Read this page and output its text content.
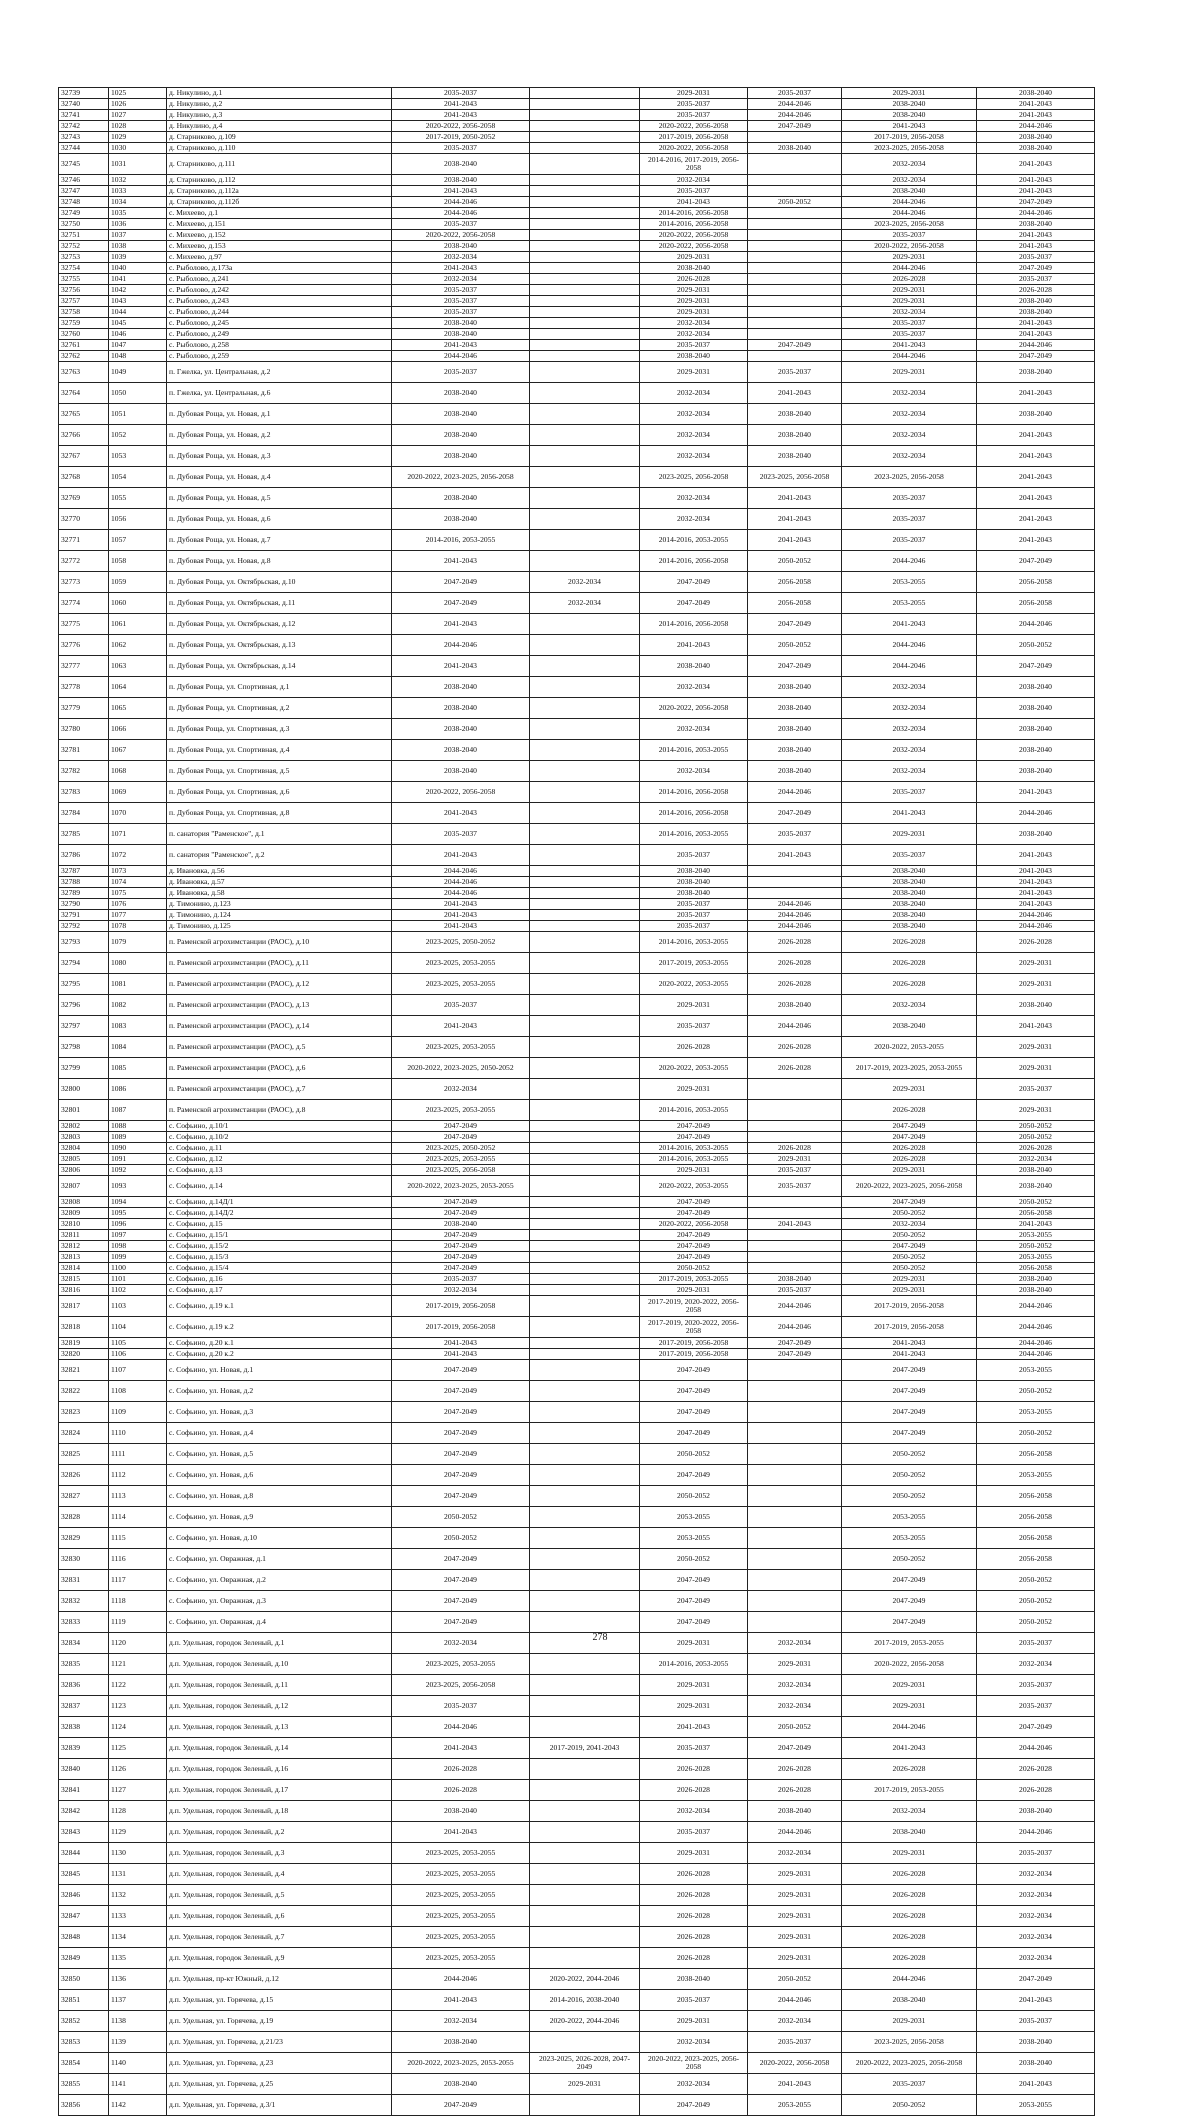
32739	1025	д. Никулино, д.1	2035-2037		2029-2031	2035-2037	2029-2031	2038-2040
32740	1026	д. Никулино, д.2	2041-2043		2035-2037	2044-2046	2038-2040	2041-2043
32741	1027	д. Никулино, д.3	2041-2043		2035-2037	2044-2046	2038-2040	2041-2043
32742	1028	д. Никулино, д.4	2020-2022, 2056-2058		2020-2022, 2056-2058	2047-2049	2041-2043	2044-2046
32743	1029	д. Старниково, д.109	2017-2019, 2050-2052		2017-2019, 2056-2058		2017-2019, 2056-2058	2038-2040
32744	1030	д. Старниково, д.110	2035-2037		2020-2022, 2056-2058	2038-2040	2023-2025, 2056-2058	2038-2040
32745	1031	д. Старниково, д.111	2038-2040		2014-2016, 2017-2019, 2056-2058		2032-2034	2041-2043
32746	1032	д. Старниково, д.112	2038-2040		2032-2034		2032-2034	2041-2043
32747	1033	д. Старниково, д.112а	2041-2043		2035-2037		2038-2040	2041-2043
32748	1034	д. Старниково, д.112б	2044-2046		2041-2043	2050-2052	2044-2046	2047-2049
32749	1035	с. Михеево, д.1	2044-2046		2014-2016, 2056-2058		2044-2046	2044-2046
32750	1036	с. Михеево, д.151	2035-2037		2014-2016, 2056-2058		2023-2025, 2056-2058	2038-2040
32751	1037	с. Михеево, д.152	2020-2022, 2056-2058		2020-2022, 2056-2058		2035-2037	2041-2043
32752	1038	с. Михеево, д.153	2038-2040		2020-2022, 2056-2058		2020-2022, 2056-2058	2041-2043
32753	1039	с. Михеево, д.97	2032-2034		2029-2031		2029-2031	2035-2037
32754	1040	с. Рыболово, д.173а	2041-2043		2038-2040		2044-2046	2047-2049
32755	1041	с. Рыболово, д.241	2032-2034		2026-2028		2026-2028	2035-2037
32756	1042	с. Рыболово, д.242	2035-2037		2029-2031		2029-2031	2026-2028
32757	1043	с. Рыболово, д.243	2035-2037		2029-2031		2029-2031	2038-2040
32758	1044	с. Рыболово, д.244	2035-2037		2029-2031		2032-2034	2038-2040
32759	1045	с. Рыболово, д.245	2038-2040		2032-2034		2035-2037	2041-2043
32760	1046	с. Рыболово, д.249	2038-2040		2032-2034		2035-2037	2041-2043
32761	1047	с. Рыболово, д.258	2041-2043		2035-2037	2047-2049	2041-2043	2044-2046
32762	1048	с. Рыболово, д.259	2044-2046		2038-2040		2044-2046	2047-2049
32763	1049	п. Гжелка, ул. Центральная, д.2	2035-2037		2029-2031	2035-2037	2029-2031	2038-2040
32764	1050	п. Гжелка, ул. Центральная, д.6	2038-2040		2032-2034	2041-2043	2032-2034	2041-2043
32765	1051	п. Дубовая Роща, ул. Новая, д.1	2038-2040		2032-2034	2038-2040	2032-2034	2038-2040
32766	1052	п. Дубовая Роща, ул. Новая, д.2	2038-2040		2032-2034	2038-2040	2032-2034	2041-2043
32767	1053	п. Дубовая Роща, ул. Новая, д.3	2038-2040		2032-2034	2038-2040	2032-2034	2041-2043
32768	1054	п. Дубовая Роща, ул. Новая, д.4	2020-2022, 2023-2025, 2056-2058		2023-2025, 2056-2058	2023-2025, 2056-2058	2023-2025, 2056-2058	2041-2043
32769	1055	п. Дубовая Роща, ул. Новая, д.5	2038-2040		2032-2034	2041-2043	2035-2037	2041-2043
32770	1056	п. Дубовая Роща, ул. Новая, д.6	2038-2040		2032-2034	2041-2043	2035-2037	2041-2043
32771	1057	п. Дубовая Роща, ул. Новая, д.7	2014-2016, 2053-2055		2014-2016, 2053-2055	2041-2043	2035-2037	2041-2043
32772	1058	п. Дубовая Роща, ул. Новая, д.8	2041-2043		2014-2016, 2056-2058	2050-2052	2044-2046	2047-2049
32773	1059	п. Дубовая Роща, ул. Октябрьская, д.10	2047-2049	2032-2034	2047-2049	2056-2058	2053-2055	2056-2058
32774	1060	п. Дубовая Роща, ул. Октябрьская, д.11	2047-2049	2032-2034	2047-2049	2056-2058	2053-2055	2056-2058
32775	1061	п. Дубовая Роща, ул. Октябрьская, д.12	2041-2043		2014-2016, 2056-2058	2047-2049	2041-2043	2044-2046
32776	1062	п. Дубовая Роща, ул. Октябрьская, д.13	2044-2046		2041-2043	2050-2052	2044-2046	2050-2052
32777	1063	п. Дубовая Роща, ул. Октябрьская, д.14	2041-2043		2038-2040	2047-2049	2044-2046	2047-2049
32778	1064	п. Дубовая Роща, ул. Спортивная, д.1	2038-2040		2032-2034	2038-2040	2032-2034	2038-2040
32779	1065	п. Дубовая Роща, ул. Спортивная, д.2	2038-2040		2020-2022, 2056-2058	2038-2040	2032-2034	2038-2040
32780	1066	п. Дубовая Роща, ул. Спортивная, д.3	2038-2040		2032-2034	2038-2040	2032-2034	2038-2040
32781	1067	п. Дубовая Роща, ул. Спортивная, д.4	2038-2040		2014-2016, 2053-2055	2038-2040	2032-2034	2038-2040
32782	1068	п. Дубовая Роща, ул. Спортивная, д.5	2038-2040		2032-2034	2038-2040	2032-2034	2038-2040
32783	1069	п. Дубовая Роща, ул. Спортивная, д.6	2020-2022, 2056-2058		2014-2016, 2056-2058	2044-2046	2035-2037	2041-2043
32784	1070	п. Дубовая Роща, ул. Спортивная, д.8	2041-2043		2014-2016, 2056-2058	2047-2049	2041-2043	2044-2046
32785	1071	п. санатория "Раменское", д.1	2035-2037		2014-2016, 2053-2055	2035-2037	2029-2031	2038-2040
32786	1072	п. санатория "Раменское", д.2	2041-2043		2035-2037	2041-2043	2035-2037	2041-2043
32787	1073	д. Ивановка, д.56	2044-2046		2038-2040		2038-2040	2041-2043
32788	1074	д. Ивановка, д.57	2044-2046		2038-2040		2038-2040	2041-2043
32789	1075	д. Ивановка, д.58	2044-2046		2038-2040		2038-2040	2041-2043
32790	1076	д. Тимонино, д.123	2041-2043		2035-2037	2044-2046	2038-2040	2041-2043
32791	1077	д. Тимонино, д.124	2041-2043		2035-2037	2044-2046	2038-2040	2044-2046
32792	1078	д. Тимонино, д.125	2041-2043		2035-2037	2044-2046	2038-2040	2044-2046
32793	1079	п. Раменской агрохимстанции (РАОС), д.10	2023-2025, 2050-2052		2014-2016, 2053-2055	2026-2028	2026-2028	2026-2028
32794	1080	п. Раменской агрохимстанции (РАОС), д.11	2023-2025, 2053-2055		2017-2019, 2053-2055	2026-2028	2026-2028	2029-2031
32795	1081	п. Раменской агрохимстанции (РАОС), д.12	2023-2025, 2053-2055		2020-2022, 2053-2055	2026-2028	2026-2028	2029-2031
32796	1082	п. Раменской агрохимстанции (РАОС), д.13	2035-2037		2029-2031	2038-2040	2032-2034	2038-2040
32797	1083	п. Раменской агрохимстанции (РАОС), д.14	2041-2043		2035-2037	2044-2046	2038-2040	2041-2043
32798	1084	п. Раменской агрохимстанции (РАОС), д.5	2023-2025, 2053-2055		2026-2028	2026-2028	2020-2022, 2053-2055	2029-2031
32799	1085	п. Раменской агрохимстанции (РАОС), д.6	2020-2022, 2023-2025, 2050-2052		2020-2022, 2053-2055	2026-2028	2017-2019, 2023-2025, 2053-2055	2029-2031
32800	1086	п. Раменской агрохимстанции (РАОС), д.7	2032-2034		2029-2031		2029-2031	2035-2037
32801	1087	п. Раменской агрохимстанции (РАОС), д.8	2023-2025, 2053-2055		2014-2016, 2053-2055		2026-2028	2029-2031
32802	1088	с. Софьино, д.10/1	2047-2049		2047-2049		2047-2049	2050-2052
32803	1089	с. Софьино, д.10/2	2047-2049		2047-2049		2047-2049	2050-2052
32804	1090	с. Софьино, д.11	2023-2025, 2050-2052		2014-2016, 2053-2055	2026-2028	2026-2028	2026-2028
32805	1091	с. Софьино, д.12	2023-2025, 2053-2055		2014-2016, 2053-2055	2029-2031	2026-2028	2032-2034
32806	1092	с. Софьино, д.13	2023-2025, 2056-2058		2029-2031	2035-2037	2029-2031	2038-2040
32807	1093	с. Софьино, д.14	2020-2022, 2023-2025, 2053-2055		2020-2022, 2053-2055	2035-2037	2020-2022, 2023-2025, 2056-2058	2038-2040
32808	1094	с. Софьино, д.14Д/1	2047-2049		2047-2049		2047-2049	2050-2052
32809	1095	с. Софьино, д.14Д/2	2047-2049		2047-2049		2050-2052	2056-2058
32810	1096	с. Софьино, д.15	2038-2040		2020-2022, 2056-2058	2041-2043	2032-2034	2041-2043
32811	1097	с. Софьино, д.15/1	2047-2049		2047-2049		2050-2052	2053-2055
32812	1098	с. Софьино, д.15/2	2047-2049		2047-2049		2047-2049	2050-2052
32813	1099	с. Софьино, д.15/3	2047-2049		2047-2049		2050-2052	2053-2055
32814	1100	с. Софьино, д.15/4	2047-2049		2050-2052		2050-2052	2056-2058
32815	1101	с. Софьино, д.16	2035-2037		2017-2019, 2053-2055	2038-2040	2029-2031	2038-2040
32816	1102	с. Софьино, д.17	2032-2034		2029-2031	2035-2037	2029-2031	2038-2040
32817	1103	с. Софьино, д.19 к.1	2017-2019, 2056-2058		2017-2019, 2020-2022, 2056-2058	2044-2046	2017-2019, 2056-2058	2044-2046
32818	1104	с. Софьино, д.19 к.2	2017-2019, 2056-2058		2017-2019, 2020-2022, 2056-2058	2044-2046	2017-2019, 2056-2058	2044-2046
32819	1105	с. Софьино, д.20 к.1	2041-2043		2017-2019, 2056-2058	2047-2049	2041-2043	2044-2046
32820	1106	с. Софьино, д.20 к.2	2041-2043		2017-2019, 2056-2058	2047-2049	2041-2043	2044-2046
32821	1107	с. Софьино, ул. Новая, д.1	2047-2049		2047-2049		2047-2049	2053-2055
32822	1108	с. Софьино, ул. Новая, д.2	2047-2049		2047-2049		2047-2049	2050-2052
32823	1109	с. Софьино, ул. Новая, д.3	2047-2049		2047-2049		2047-2049	2053-2055
32824	1110	с. Софьино, ул. Новая, д.4	2047-2049		2047-2049		2047-2049	2050-2052
32825	1111	с. Софьино, ул. Новая, д.5	2047-2049		2050-2052		2050-2052	2056-2058
32826	1112	с. Софьино, ул. Новая, д.6	2047-2049		2047-2049		2050-2052	2053-2055
32827	1113	с. Софьино, ул. Новая, д.8	2047-2049		2050-2052		2050-2052	2056-2058
32828	1114	с. Софьино, ул. Новая, д.9	2050-2052		2053-2055		2053-2055	2056-2058
32829	1115	с. Софьино, ул. Новая, д.10	2050-2052		2053-2055		2053-2055	2056-2058
32830	1116	с. Софьино, ул. Овражная, д.1	2047-2049		2050-2052		2050-2052	2056-2058
32831	1117	с. Софьино, ул. Овражная, д.2	2047-2049		2047-2049		2047-2049	2050-2052
32832	1118	с. Софьино, ул. Овражная, д.3	2047-2049		2047-2049		2047-2049	2050-2052
32833	1119	с. Софьино, ул. Овражная, д.4	2047-2049		2047-2049		2047-2049	2050-2052
32834	1120	д.п. Удельная, городок Зеленый, д.1	2032-2034		2029-2031	2032-2034	2017-2019, 2053-2055	2035-2037
32835	1121	д.п. Удельная, городок Зеленый, д.10	2023-2025, 2053-2055		2014-2016, 2053-2055	2029-2031	2020-2022, 2056-2058	2032-2034
32836	1122	д.п. Удельная, городок Зеленый, д.11	2023-2025, 2056-2058		2029-2031	2032-2034	2029-2031	2035-2037
32837	1123	д.п. Удельная, городок Зеленый, д.12	2035-2037		2029-2031	2032-2034	2029-2031	2035-2037
32838	1124	д.п. Удельная, городок Зеленый, д.13	2044-2046		2041-2043	2050-2052	2044-2046	2047-2049
32839	1125	д.п. Удельная, городок Зеленый, д.14	2041-2043	2017-2019, 2041-2043	2035-2037	2047-2049	2041-2043	2044-2046
32840	1126	д.п. Удельная, городок Зеленый, д.16	2026-2028		2026-2028	2026-2028	2026-2028	2026-2028
32841	1127	д.п. Удельная, городок Зеленый, д.17	2026-2028		2026-2028	2026-2028	2017-2019, 2053-2055	2026-2028
32842	1128	д.п. Удельная, городок Зеленый, д.18	2038-2040		2032-2034	2038-2040	2032-2034	2038-2040
32843	1129	д.п. Удельная, городок Зеленый, д.2	2041-2043		2035-2037	2044-2046	2038-2040	2044-2046
32844	1130	д.п. Удельная, городок Зеленый, д.3	2023-2025, 2053-2055		2029-2031	2032-2034	2029-2031	2035-2037
32845	1131	д.п. Удельная, городок Зеленый, д.4	2023-2025, 2053-2055		2026-2028	2029-2031	2026-2028	2032-2034
32846	1132	д.п. Удельная, городок Зеленый, д.5	2023-2025, 2053-2055		2026-2028	2029-2031	2026-2028	2032-2034
32847	1133	д.п. Удельная, городок Зеленый, д.6	2023-2025, 2053-2055		2026-2028	2029-2031	2026-2028	2032-2034
32848	1134	д.п. Удельная, городок Зеленый, д.7	2023-2025, 2053-2055		2026-2028	2029-2031	2026-2028	2032-2034
32849	1135	д.п. Удельная, городок Зеленый, д.9	2023-2025, 2053-2055		2026-2028	2029-2031	2026-2028	2032-2034
32850	1136	д.п. Удельная, пр-кт Южный, д.12	2044-2046	2020-2022, 2044-2046	2038-2040	2050-2052	2044-2046	2047-2049
32851	1137	д.п. Удельная, ул. Горячева, д.15	2041-2043	2014-2016, 2038-2040	2035-2037	2044-2046	2038-2040	2041-2043
32852	1138	д.п. Удельная, ул. Горячева, д.19	2032-2034	2020-2022, 2044-2046	2029-2031	2032-2034	2029-2031	2035-2037
32853	1139	д.п. Удельная, ул. Горячева, д.21/23	2038-2040		2032-2034	2035-2037	2023-2025, 2056-2058	2038-2040
32854	1140	д.п. Удельная, ул. Горячева, д.23	2020-2022, 2023-2025, 2053-2055	2023-2025, 2026-2028, 2047-2049	2020-2022, 2023-2025, 2056-2058	2020-2022, 2056-2058	2020-2022, 2023-2025, 2056-2058	2038-2040
32855	1141	д.п. Удельная, ул. Горячева, д.25	2038-2040	2029-2031	2032-2034	2041-2043	2035-2037	2041-2043
32856	1142	д.п. Удельная, ул. Горячева, д.3/1	2047-2049		2047-2049	2053-2055	2050-2052	2053-2055
278
